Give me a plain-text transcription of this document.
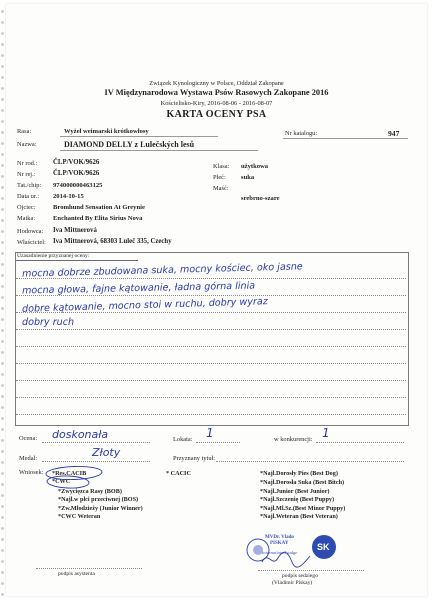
Związek Kynologiczny w Polsce, Oddział Zakopane
IV Międzynarodowa Wystawa Psów Rasowych Zakopane 2016
Kościelisko-Kiry, 2016-08-06 - 2016-08-07
KARTA OCENY PSA
Rasa:	Wyżeł weimarski krótkowłosy	Nr katalogu:	947
Nazwa:	DIAMOND DELLY z Lulečských lesů
Nr rod.: ČLP/VOK/9626
Nr rej.:	ČLP/VOK/9626
Tat./chip: 974000000463125
Data ur.: 2014-10-15
Ojciec:	Bromhund Sensation At Greynie
Matka:	Enchanted By Elita Sirius Nova
Hodowca: Iva Mittnerová
Właściciel: Iva Mittnerová, 68303 Luleč 335, Czechy
Klasa: użytkowa
Płeć: suka
Maść:
srebrno-szare
Uzasadnienie przyznanej oceny:
mocna dobrze zbudowana suka, mocny kościec, oko jasne
mocna głowa, fajne kątowanie, ładna górna linia
dobre kątowanie, mocno stoi w ruchu, dobry wyraz
dobry ruch
Ocena: doskonała	Lokata: 1	w konkurencji: 1
Medal:	Złoty	Przyznany tytuł:
Wniosek: *Res.CACIB
*CWC
*Zwycięzca Rasy (BOB)
*Najl.w płci przeciwnej (BOS)
*Zw.Młodzieży (Junior Winner)
*CWC Weteran
* CACIC	*Najl.Dorosły Pies (Best Dog)
*Najl.Dorosła Suka (Best Bitch)
*Najl.Junior (Best Junior)
*Najl.Szczenię (Best Puppy)
*Najl.Ml.Sz.(Best Minor Puppy)
*Najl.Weteran (Best Veteran)
podpis asystenta
MVDr. Vlado
PISKAY
international judge
SK
podpis sedziego
(Vladimír Piskay)
